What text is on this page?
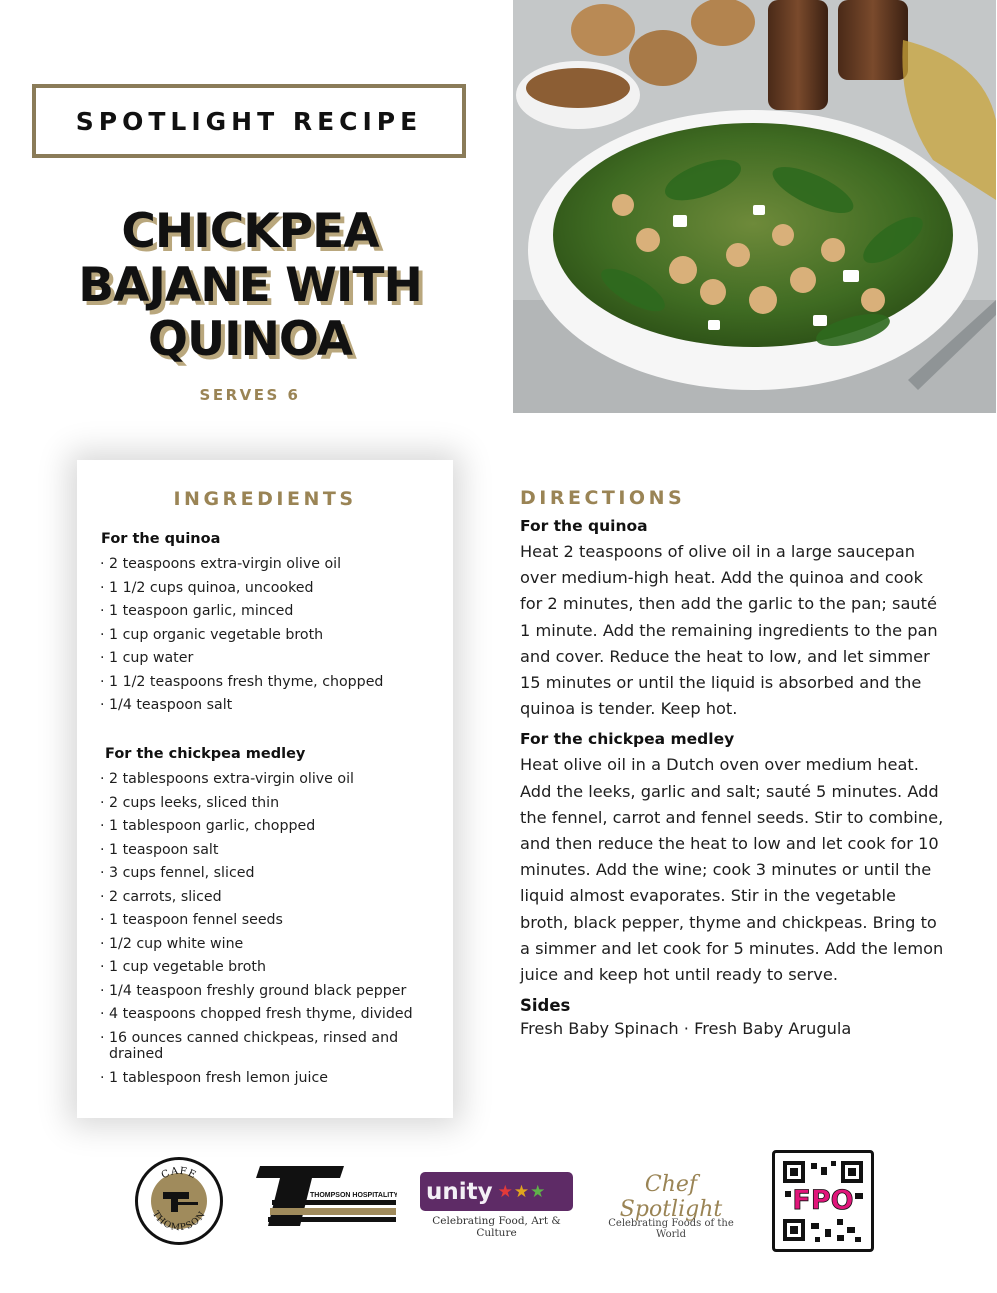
SPOTLIGHT RECIPE
CHICKPEA
BAJANE WITH
QUINOA
SERVES 6
INGREDIENTS
For the quinoa
· 2 teaspoons extra-virgin olive oil
· 1 1/2 cups quinoa, uncooked
· 1 teaspoon garlic, minced
· 1 cup organic vegetable broth
· 1 cup water
· 1 1/2 teaspoons fresh thyme, chopped
· 1/4 teaspoon salt
For the chickpea medley
· 2 tablespoons extra-virgin olive oil
· 2 cups leeks, sliced thin
· 1 tablespoon garlic, chopped
· 1 teaspoon salt
· 3 cups fennel, sliced
· 2 carrots, sliced
· 1 teaspoon fennel seeds
· 1/2 cup white wine
· 1 cup vegetable broth
· 1/4 teaspoon freshly ground black pepper
· 4 teaspoons chopped fresh thyme, divided
· 16 ounces canned chickpeas, rinsed and drained
· 1 tablespoon fresh lemon juice
DIRECTIONS
For the quinoa

Heat 2 teaspoons of olive oil in a large saucepan over medium-high heat. Add the quinoa and cook for 2 minutes, then add the garlic to the pan; sauté 1 minute. Add the remaining ingredients to the pan and cover. Reduce the heat to low, and let simmer 15 minutes or until the liquid is absorbed and the quinoa is tender. Keep hot.

For the chickpea medley

Heat olive oil in a Dutch oven over medium heat. Add the leeks, garlic and salt; sauté 5 minutes. Add the fennel, carrot and fennel seeds. Stir to combine, and then reduce the heat to low and let cook for 10 minutes. Add the wine; cook 3 minutes or until the liquid almost evaporates. Stir in the vegetable broth, black pepper, thyme and chickpeas. Bring to a simmer and let cook for 5 minutes. Add the lemon juice and keep hot until ready to serve.

Sides
Fresh Baby Spinach · Fresh Baby Arugula
CAFE
THOMPSON
THOMPSON HOSPITALITY unity ★★★
Celebrating Food, Art & Culture
Chef Spotlight
Celebrating Foods of the World
FPO
